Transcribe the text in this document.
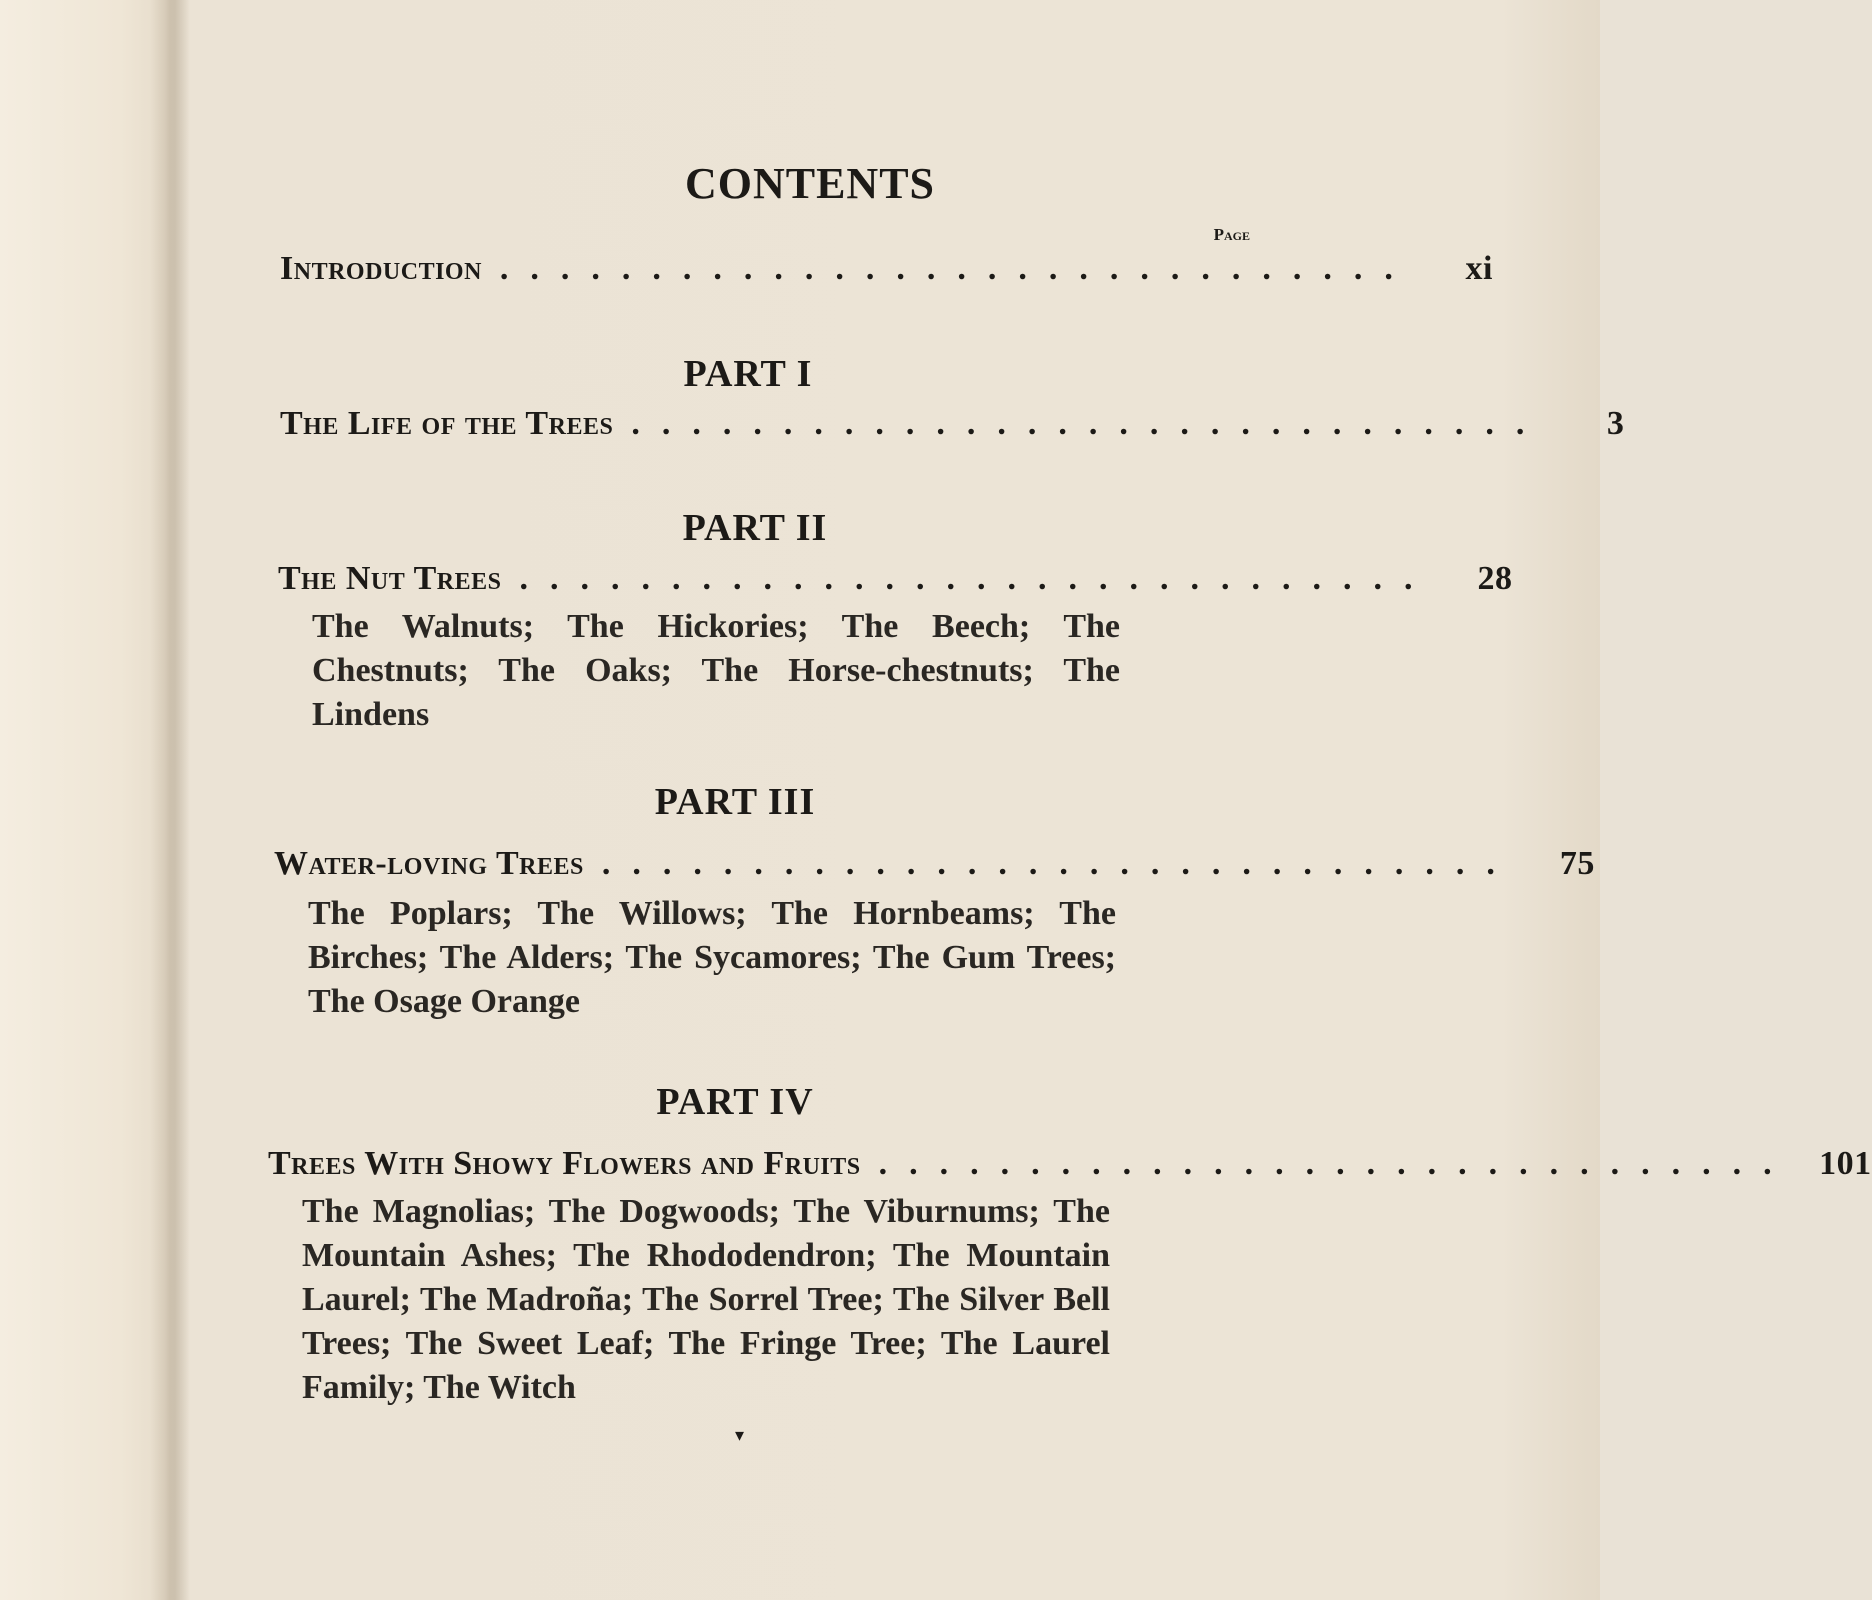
CONTENTS
Page
Introduction ..............................	xi
PART I
The Life of the Trees ..............................	3
PART II
The Nut Trees ..............................	28
The Walnuts; The Hickories; The Beech; The Chestnuts; The Oaks; The Horse-chestnuts; The Lindens
PART III
Water-loving Trees ..............................	75
The Poplars; The Willows; The Hornbeams; The Birches; The Alders; The Sycamores; The Gum Trees; The Osage Orange
PART IV
Trees With Showy Flowers and Fruits .............................. 101
The Magnolias; The Dogwoods; The Viburnums; The Mountain Ashes; The Rhododendron; The Mountain Laurel; The Madroña; The Sorrel Tree; The Silver Bell Trees; The Sweet Leaf; The Fringe Tree; The Laurel Family; The Witch
▾
